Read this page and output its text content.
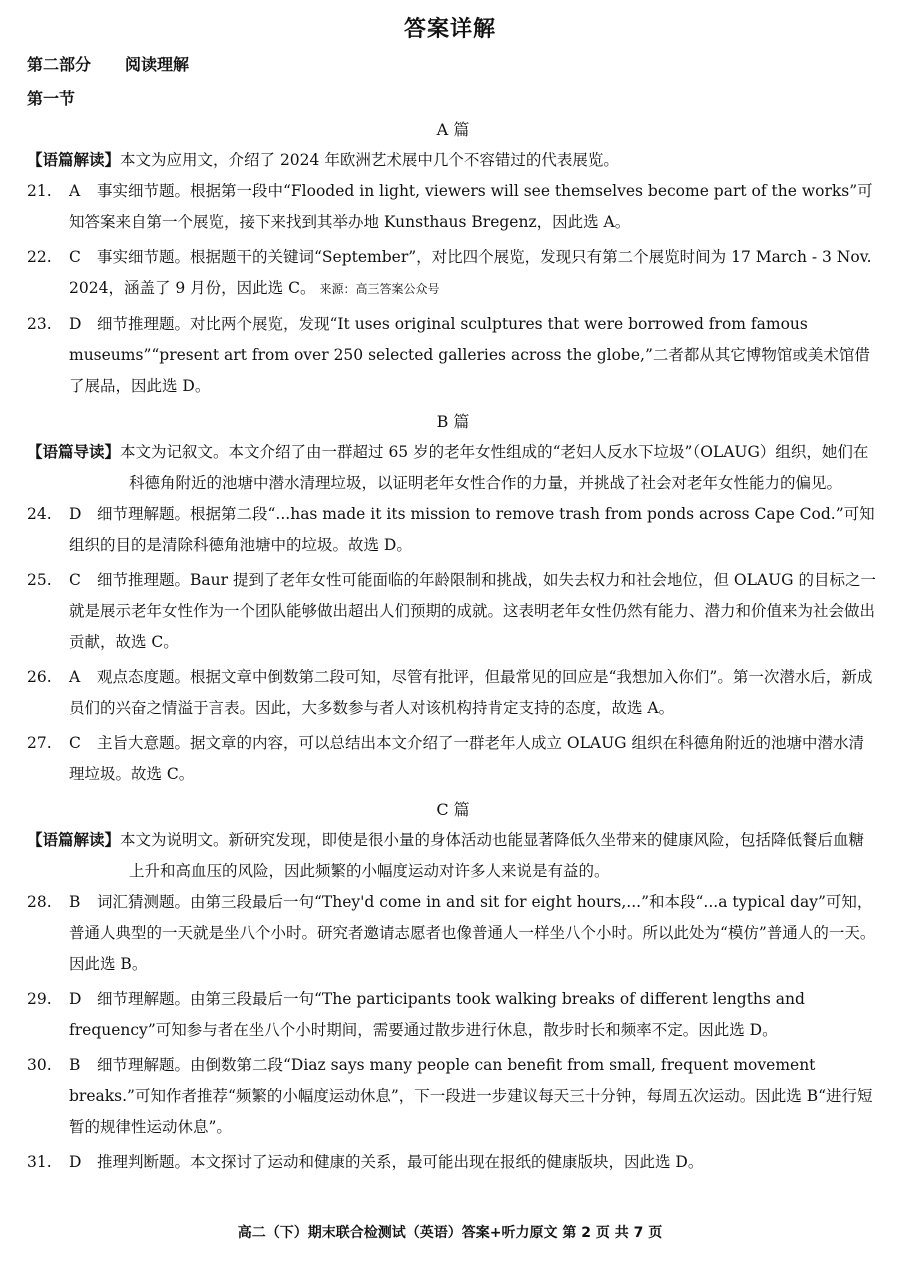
答案详解
第二部分 阅读理解
第一节
A 篇
【语篇解读】本文为应用文，介绍了 2024 年欧洲艺术展中几个不容错过的代表展览。
21. A	事实细节题。根据第一段中“Flooded in light, viewers will see themselves become part of the works”可知答案来自第一个展览，接下来找到其举办地 Kunsthaus Bregenz，因此选 A。
22. C	事实细节题。根据题干的关键词“September”，对比四个展览，发现只有第二个展览时间为 17 March - 3 Nov. 2024，涵盖了 9 月份，因此选 C。 来源：高三答案公众号
23. D	细节推理题。对比两个展览，发现“It uses original sculptures that were borrowed from famous museums”“present art from over 250 selected galleries across the globe,”二者都从其它博物馆或美术馆借了展品，因此选 D。
B 篇
【语篇导读】本文为记叙文。本文介绍了由一群超过 65 岁的老年女性组成的“老妇人反水下垃圾”（OLAUG）组织，她们在科德角附近的池塘中潜水清理垃圾，以证明老年女性合作的力量，并挑战了社会对老年女性能力的偏见。
24. D	细节理解题。根据第二段“...has made it its mission to remove trash from ponds across Cape Cod.”可知组织的目的是清除科德角池塘中的垃圾。故选 D。
25. C	细节推理题。Baur 提到了老年女性可能面临的年龄限制和挑战，如失去权力和社会地位，但 OLAUG 的目标之一就是展示老年女性作为一个团队能够做出超出人们预期的成就。这表明老年女性仍然有能力、潜力和价值来为社会做出贡献，故选 C。
26. A	观点态度题。根据文章中倒数第二段可知，尽管有批评，但最常见的回应是“我想加入你们”。第一次潜水后，新成员们的兴奋之情溢于言表。因此，大多数参与者人对该机构持肯定支持的态度，故选 A。
27. C	主旨大意题。据文章的内容，可以总结出本文介绍了一群老年人成立 OLAUG 组织在科德角附近的池塘中潜水清理垃圾。故选 C。
C 篇
【语篇解读】本文为说明文。新研究发现，即使是很小量的身体活动也能显著降低久坐带来的健康风险，包括降低餐后血糖上升和高血压的风险，因此频繁的小幅度运动对许多人来说是有益的。
28. B	词汇猜测题。由第三段最后一句“They'd come in and sit for eight hours,...”和本段“...a typical day”可知，普通人典型的一天就是坐八个小时。研究者邀请志愿者也像普通人一样坐八个小时。所以此处为“模仿”普通人的一天。因此选 B。
29. D	细节理解题。由第三段最后一句“The participants took walking breaks of different lengths and frequency”可知参与者在坐八个小时期间，需要通过散步进行休息，散步时长和频率不定。因此选 D。
30. B	细节理解题。由倒数第二段“Diaz says many people can benefit from small, frequent movement breaks.”可知作者推荐“频繁的小幅度运动休息”，下一段进一步建议每天三十分钟，每周五次运动。因此选 B“进行短暂的规律性运动休息”。
31. D	推理判断题。本文探讨了运动和健康的关系，最可能出现在报纸的健康版块，因此选 D。
高二（下）期末联合检测试（英语）答案+听力原文 第 2 页 共 7 页
